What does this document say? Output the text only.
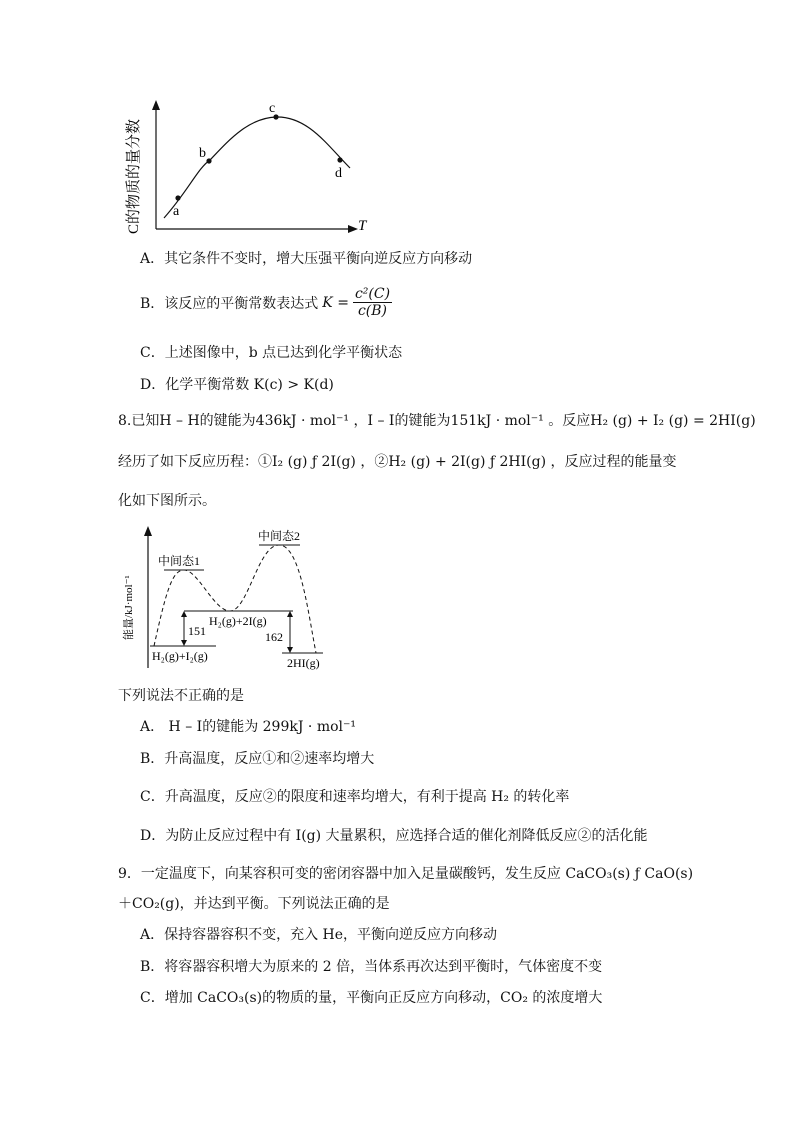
a
b
c
d
T
C的物质的量分数
A．其它条件不变时，增大压强平衡向逆反应方向移动
B．该反应的平衡常数表达式 $K = \frac{\text{c²(C)}}{c(B)}$
C．上述图像中，b 点已达到化学平衡状态
D．化学平衡常数 K(c) > K(d)
8.已知H – H的键能为436kJ · mol⁻¹ ，I – I的键能为151kJ · mol⁻¹ 。反应H₂ (g) + I₂ (g) = 2HI(g)
经历了如下反应历程：①I₂ (g) ƒ 2I(g) ，②H₂ (g) + 2I(g) ƒ 2HI(g) ，反应过程的能量变
化如下图所示。
能量/kJ·mol⁻¹
中间态1
中间态2
H₂(g)+2I(g)
151	162
H₂(g)+I₂(g)	2HI(g)
下列说法不正确的是
A． H – I的键能为 299kJ · mol⁻¹
B．升高温度，反应①和②速率均增大
C．升高温度，反应②的限度和速率均增大，有利于提高 H₂ 的转化率
D．为防止反应过程中有 I(g) 大量累积，应选择合适的催化剂降低反应②的活化能
9．一定温度下，向某容积可变的密闭容器中加入足量碳酸钙，发生反应 CaCO₃(s) ƒ CaO(s)
＋CO₂(g)，并达到平衡。下列说法正确的是
A．保持容器容积不变，充入 He，平衡向逆反应方向移动
B．将容器容积增大为原来的 2 倍，当体系再次达到平衡时，气体密度不变
C．增加 CaCO₃(s)的物质的量，平衡向正反应方向移动，CO₂ 的浓度增大
